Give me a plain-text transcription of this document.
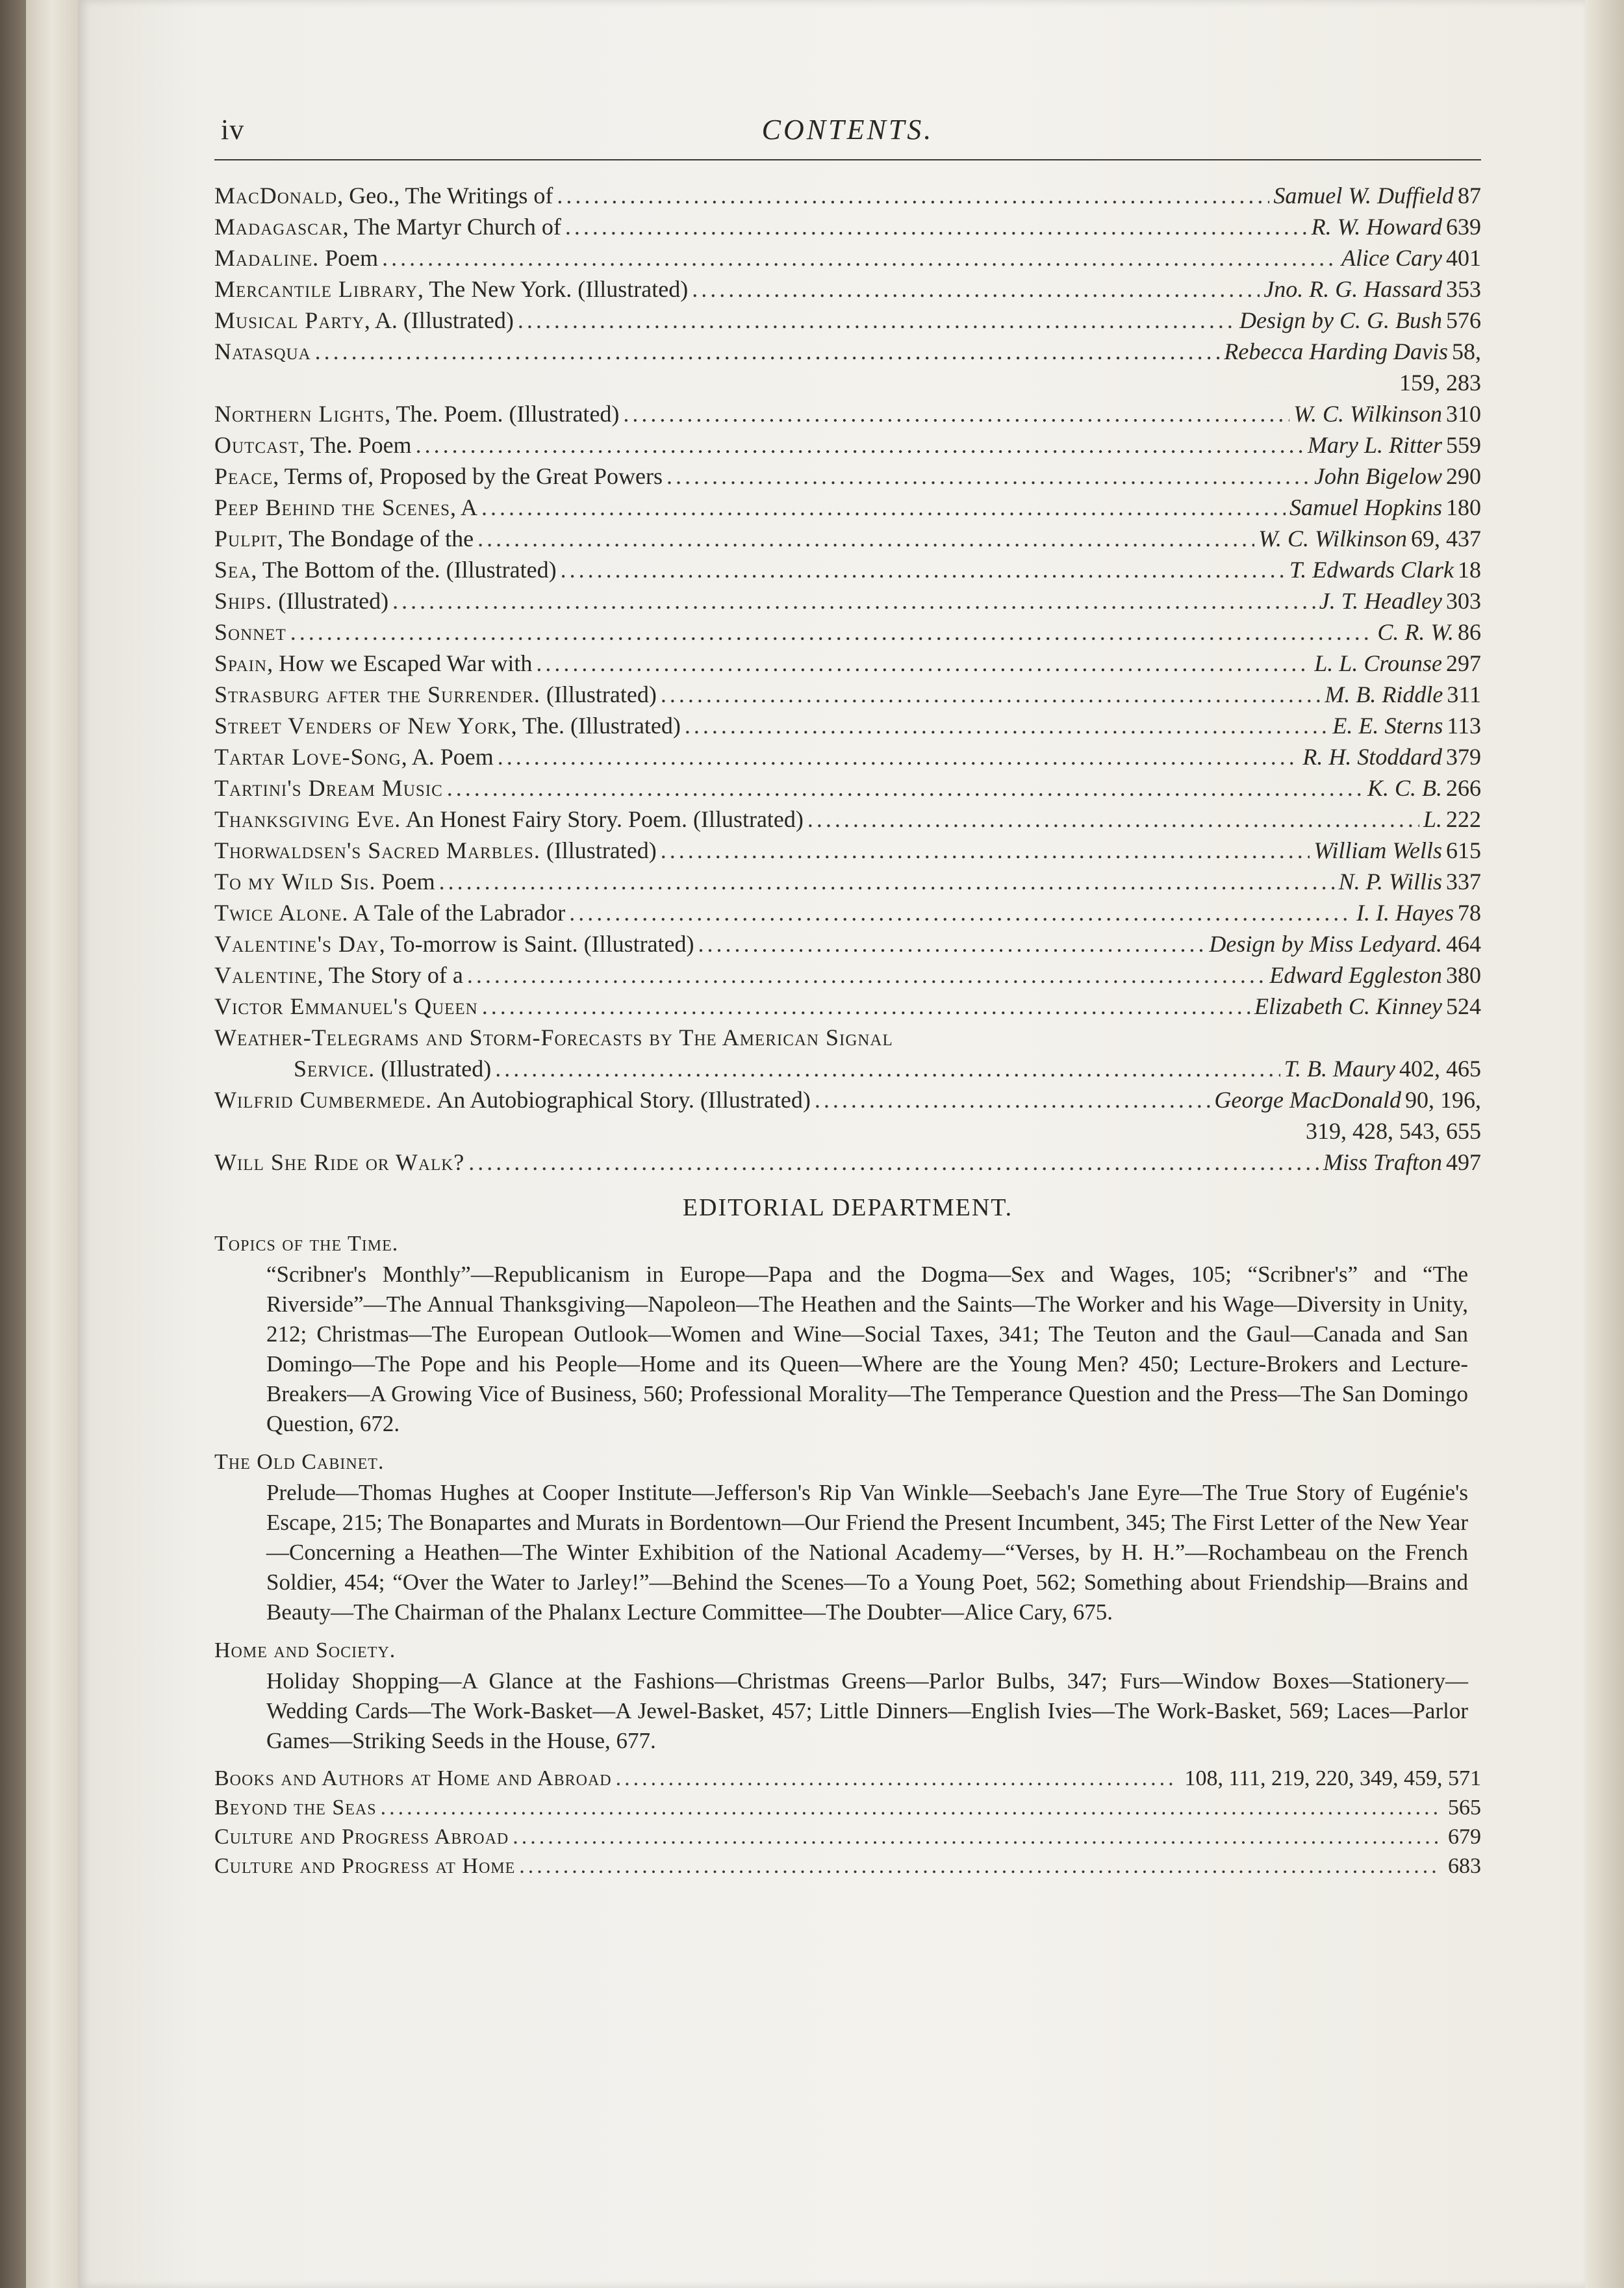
iv	CONTENTS.
MacDonald, Geo., The Writings of .....	Samuel W. Duffield 87
Madagascar, The Martyr Church of .....	R. W. Howard 639
Madaline. Poem .....	Alice Cary 401
Mercantile Library, The New York. (Illustrated) .....	Jno. R. G. Hassard 353
Musical Party, A. (Illustrated) .....	Design by C. G. Bush 576
Natasqua .....	Rebecca Harding Davis 58,
159, 283
Northern Lights, The. Poem. (Illustrated) .....	W. C. Wilkinson 310
Outcast, The. Poem .....	Mary L. Ritter 559
Peace, Terms of, Proposed by the Great Powers .....	John Bigelow 290
Peep Behind the Scenes, A .....	Samuel Hopkins 180
Pulpit, The Bondage of the .....	W. C. Wilkinson 69, 437
Sea, The Bottom of the. (Illustrated) .....	T. Edwards Clark 18
Ships. (Illustrated) .....	J. T. Headley 303
Sonnet .....	C. R. W. 86
Spain, How we Escaped War with .....	L. L. Crounse 297
Strasburg after the Surrender. (Illustrated) .....	M. B. Riddle 311
Street Venders of New York, The. (Illustrated) .....	E. E. Sterns 113
Tartar Love-Song, A. Poem .....	R. H. Stoddard 379
Tartini's Dream Music .....	K. C. B. 266
Thanksgiving Eve. An Honest Fairy Story. Poem. (Illustrated) .....	L. 222
Thorwaldsen's Sacred Marbles. (Illustrated) .....	William Wells 615
To my Wild Sis. Poem .....	N. P. Willis 337
Twice Alone. A Tale of the Labrador .....	I. I. Hayes 78
Valentine's Day, To-morrow is Saint. (Illustrated) .....	Design by Miss Ledyard. 464
Valentine, The Story of a .....	Edward Eggleston 380
Victor Emmanuel's Queen .....	Elizabeth C. Kinney 524
Weather-Telegrams and Storm-Forecasts by The American Signal
Service. (Illustrated) .....	T. B. Maury 402, 465
Wilfrid Cumbermede. An Autobiographical Story. (Illustrated) .....	George MacDonald 90, 196,
319, 428, 543, 655
Will She Ride or Walk? .....	Miss Trafton 497
EDITORIAL DEPARTMENT.
Topics of the Time.
“Scribner's Monthly”—Republicanism in Europe—Papa and the Dogma—Sex and Wages, 105; “Scribner's” and “The Riverside”—The Annual Thanksgiving—Napoleon—The Heathen and the Saints—The Worker and his Wage—Diversity in Unity, 212; Christmas—The European Outlook—Women and Wine—Social Taxes, 341; The Teuton and the Gaul—Canada and San Domingo—The Pope and his People—Home and its Queen—Where are the Young Men? 450; Lecture-Brokers and Lecture-Breakers—A Growing Vice of Business, 560; Professional Morality—The Temperance Question and the Press—The San Domingo Question, 672.
The Old Cabinet.
Prelude—Thomas Hughes at Cooper Institute—Jefferson's Rip Van Winkle—Seebach's Jane Eyre—The True Story of Eugénie's Escape, 215; The Bonapartes and Murats in Bordentown—Our Friend the Present Incumbent, 345; The First Letter of the New Year—Concerning a Heathen—The Winter Exhibition of the National Academy—“Verses, by H. H.”—Rochambeau on the French Soldier, 454; “Over the Water to Jarley!”—Behind the Scenes—To a Young Poet, 562; Something about Friendship—Brains and Beauty—The Chairman of the Phalanx Lecture Committee—The Doubter—Alice Cary, 675.
Home and Society.
Holiday Shopping—A Glance at the Fashions—Christmas Greens—Parlor Bulbs, 347; Furs—Window Boxes—Stationery—Wedding Cards—The Work-Basket—A Jewel-Basket, 457; Little Dinners—English Ivies—The Work-Basket, 569; Laces—Parlor Games—Striking Seeds in the House, 677.
Books and Authors at Home and Abroad .....	108, 111, 219, 220, 349, 459, 571
Beyond the Seas .....	565
Culture and Progress Abroad .....	679
Culture and Progress at Home .....	683
